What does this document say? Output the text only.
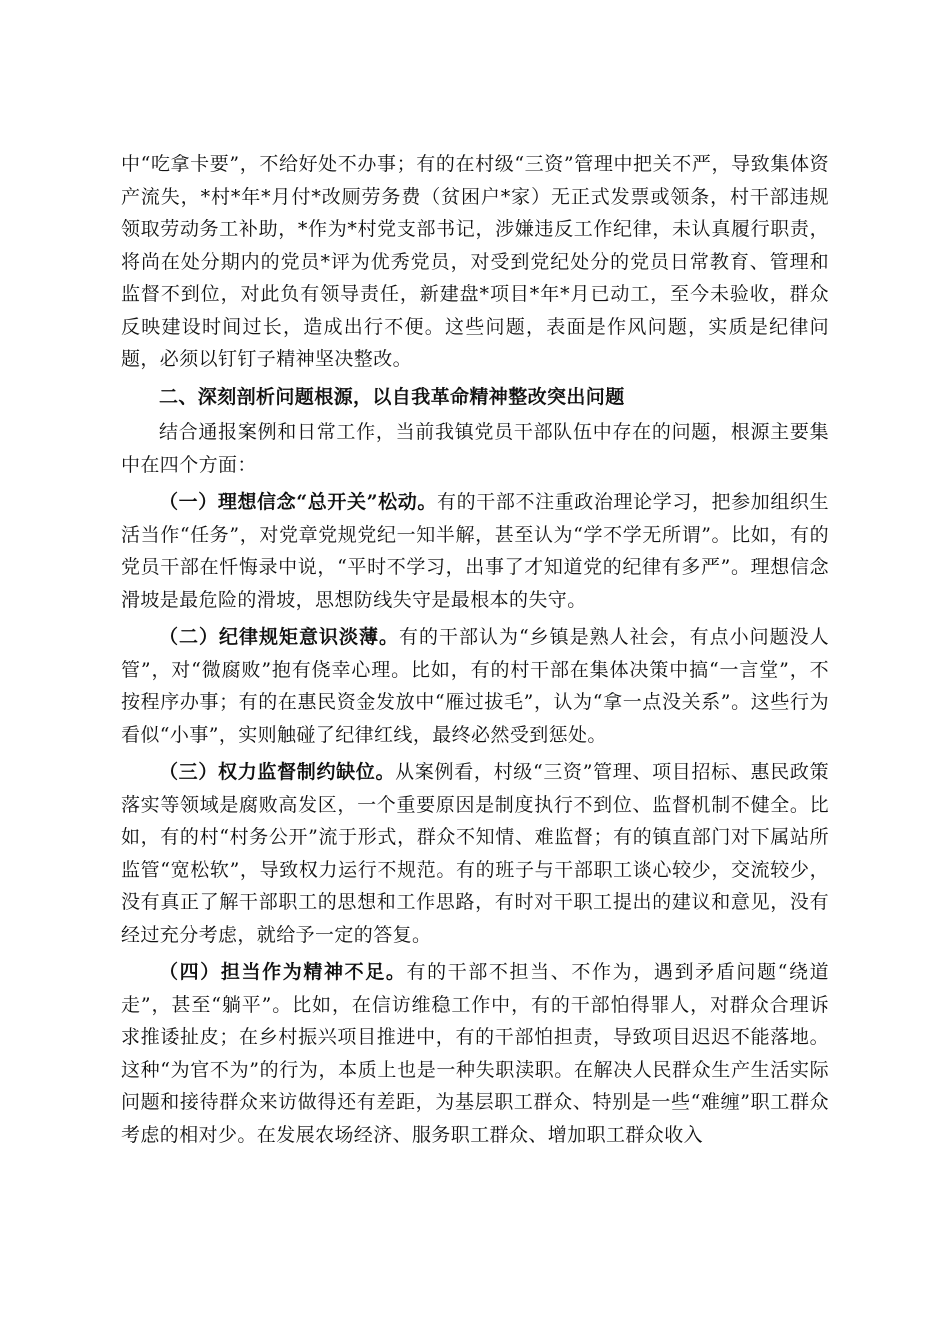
中“吃拿卡要”，不给好处不办事；有的在村级“三资”管理中把关不严，导致集体资产流失，*村*年*月付*改厕劳务费（贫困户*家）无正式发票或领条，村干部违规领取劳动务工补助，*作为*村党支部书记，涉嫌违反工作纪律，未认真履行职责，将尚在处分期内的党员*评为优秀党员，对受到党纪处分的党员日常教育、管理和监督不到位，对此负有领导责任，新建盘*项目*年*月已动工，至今未验收，群众反映建设时间过长，造成出行不便。这些问题，表面是作风问题，实质是纪律问题，必须以钉钉子精神坚决整改。

二、深刻剖析问题根源，以自我革命精神整改突出问题

结合通报案例和日常工作，当前我镇党员干部队伍中存在的问题，根源主要集中在四个方面：

（一）理想信念“总开关”松动。有的干部不注重政治理论学习，把参加组织生活当作“任务”，对党章党规党纪一知半解，甚至认为“学不学无所谓”。比如，有的党员干部在忏悔录中说，“平时不学习，出事了才知道党的纪律有多严”。理想信念滑坡是最危险的滑坡，思想防线失守是最根本的失守。

（二）纪律规矩意识淡薄。有的干部认为“乡镇是熟人社会，有点小问题没人管”，对“微腐败”抱有侥幸心理。比如，有的村干部在集体决策中搞“一言堂”，不按程序办事；有的在惠民资金发放中“雁过拔毛”，认为“拿一点没关系”。这些行为看似“小事”，实则触碰了纪律红线，最终必然受到惩处。

（三）权力监督制约缺位。从案例看，村级“三资”管理、项目招标、惠民政策落实等领域是腐败高发区，一个重要原因是制度执行不到位、监督机制不健全。比如，有的村“村务公开”流于形式，群众不知情、难监督；有的镇直部门对下属站所监管“宽松软”，导致权力运行不规范。有的班子与干部职工谈心较少，交流较少，没有真正了解干部职工的思想和工作思路，有时对干职工提出的建议和意见，没有经过充分考虑，就给予一定的答复。

（四）担当作为精神不足。有的干部不担当、不作为，遇到矛盾问题“绕道走”，甚至“躺平”。比如，在信访维稳工作中，有的干部怕得罪人，对群众合理诉求推诿扯皮；在乡村振兴项目推进中，有的干部怕担责，导致项目迟迟不能落地。这种“为官不为”的行为，本质上也是一种失职渎职。在解决人民群众生产生活实际问题和接待群众来访做得还有差距，为基层职工群众、特别是一些“难缠”职工群众考虑的相对少。在发展农场经济、服务职工群众、增加职工群众收入
